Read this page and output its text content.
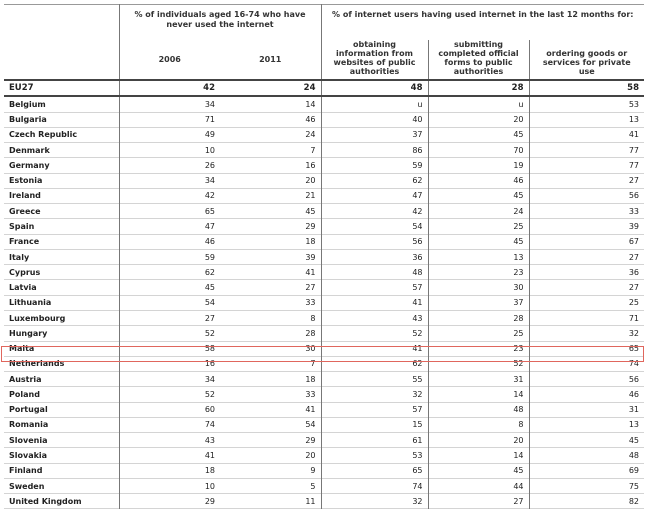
	% of individuals aged 16-74 who have never used the internet		% of internet users having used internet in the last 12 months for:		
	2006	2011	obtaining information from websites of public authorities	submitting completed official forms to public authorities	ordering goods or services for private use
EU27	42	24	48	28	58
Belgium	34	14	u	u	53
Bulgaria	71	46	40	20	13
Czech Republic	49	24	37	45	41
Denmark	10	7	86	70	77
Germany	26	16	59	19	77
Estonia	34	20	62	46	27
Ireland	42	21	47	45	56
Greece	65	45	42	24	33
Spain	47	29	54	25	39
France	46	18	56	45	67
Italy	59	39	36	13	27
Cyprus	62	41	48	23	36
Latvia	45	27	57	30	27
Lithuania	54	33	41	37	25
Luxembourg	27	8	43	28	71
Hungary	52	28	52	25	32
Malta	58	30	41	23	65
Netherlands	16	7	62	52	74
Austria	34	18	55	31	56
Poland	52	33	32	14	46
Portugal	60	41	57	48	31
Romania	74	54	15	8	13
Slovenia	43	29	61	20	45
Slovakia	41	20	53	14	48
Finland	18	9	65	45	69
Sweden	10	5	74	44	75
United Kingdom	29	11	32	27	82
